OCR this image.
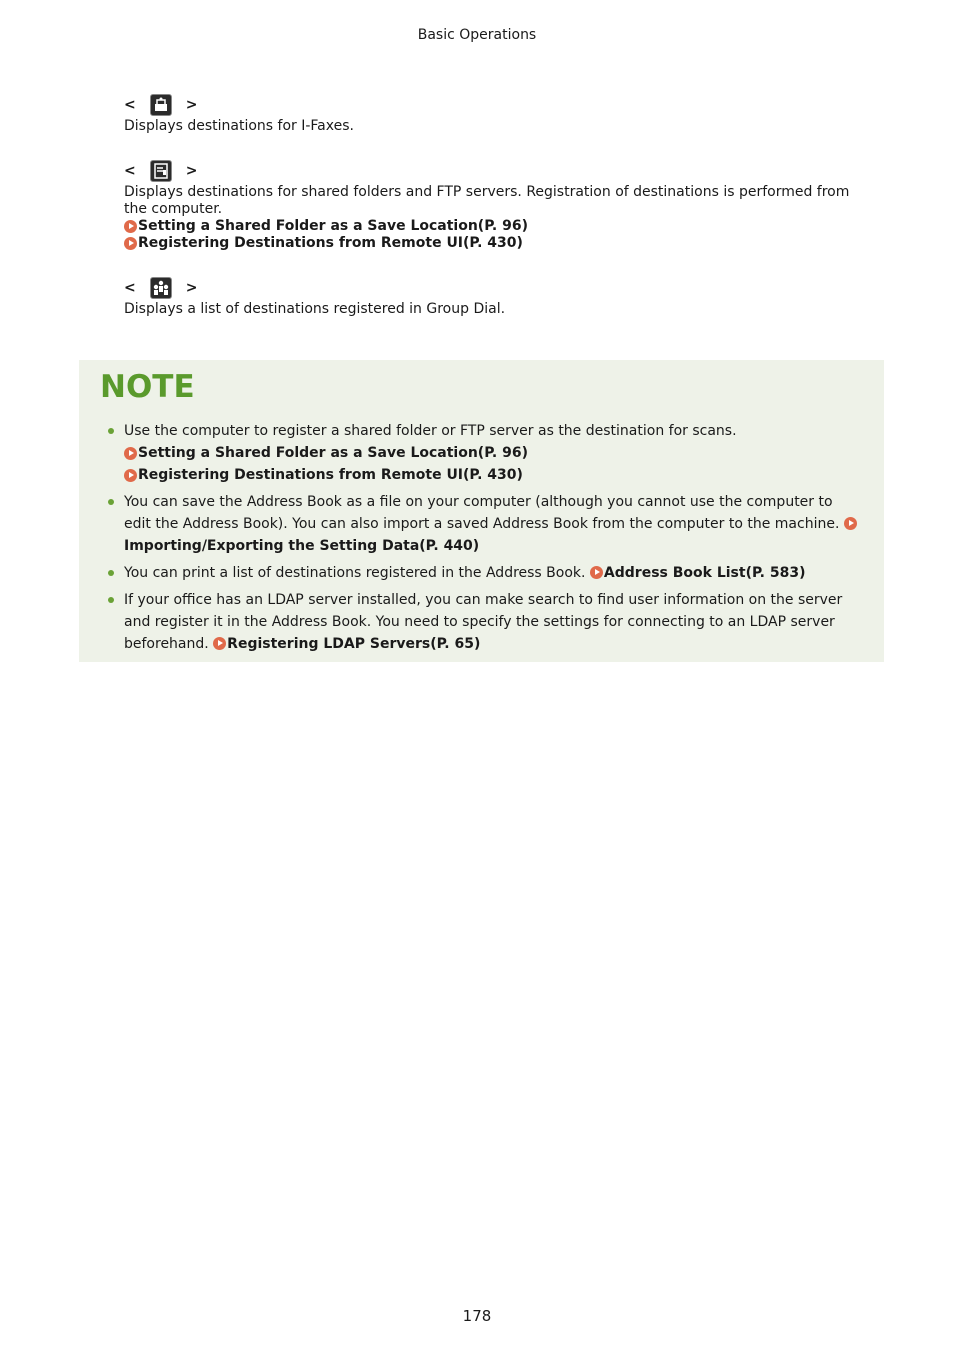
Basic Operations
<	>
Displays destinations for I-Faxes.
<	>
Displays destinations for shared folders and FTP servers. Registration of destinations is performed from the computer.
Setting a Shared Folder as a Save Location(P. 96)
Registering Destinations from Remote UI(P. 430)
<	>
Displays a list of destinations registered in Group Dial.
NOTE
Use the computer to register a shared folder or FTP server as the destination for scans.
Setting a Shared Folder as a Save Location(P. 96)
Registering Destinations from Remote UI(P. 430)
You can save the Address Book as a file on your computer (although you cannot use the computer to edit the Address Book). You can also import a saved Address Book from the computer to the machine. Importing/Exporting the Setting Data(P. 440)
You can print a list of destinations registered in the Address Book. Address Book List(P. 583)
If your office has an LDAP server installed, you can make search to find user information on the server and register it in the Address Book. You need to specify the settings for connecting to an LDAP server beforehand. Registering LDAP Servers(P. 65)
178
